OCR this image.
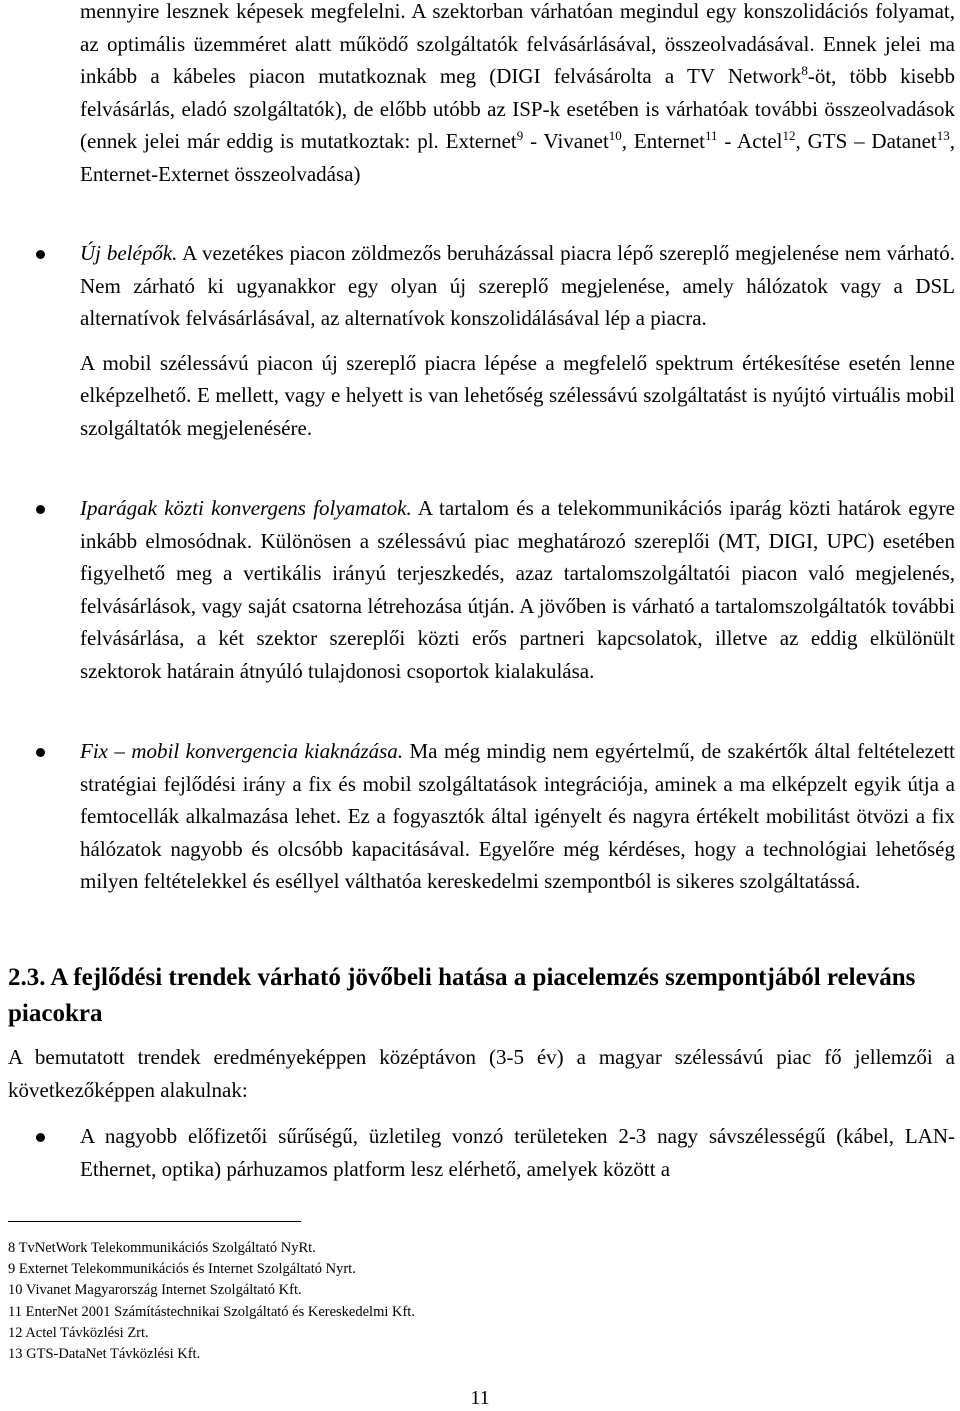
mennyire lesznek képesek megfelelni. A szektorban várhatóan megindul egy konszolidációs folyamat, az optimális üzemméret alatt működő szolgáltatók felvásárlásával, összeolvadásával. Ennek jelei ma inkább a kábeles piacon mutatkoznak meg (DIGI felvásárolta a TV Network$^8$-öt, több kisebb felvásárlás, eladó szolgáltatók), de előbb utóbb az ISP-k esetében is várhatóak további összeolvadások (ennek jelei már eddig is mutatkoztak: pl. Externet$^9$ - Vivanet$^{10}$, Enternet$^{11}$ - Actel$^{12}$, GTS – Datanet$^{13}$, Enternet-Externet összeolvadása)

Új belépők. A vezetékes piacon zöldmezős beruházással piacra lépő szereplő megjelenése nem várható. Nem zárható ki ugyanakkor egy olyan új szereplő megjelenése, amely hálózatok vagy a DSL alternatívok felvásárlásával, az alternatívok konszolidálásával lép a piacra.

A mobil szélessávú piacon új szereplő piacra lépése a megfelelő spektrum értékesítése esetén lenne elképzelhető. E mellett, vagy e helyett is van lehetőség szélessávú szolgáltatást is nyújtó virtuális mobil szolgáltatók megjelenésére.

Iparágak közti konvergens folyamatok. A tartalom és a telekommunikációs iparág közti határok egyre inkább elmosódnak. Különösen a szélessávú piac meghatározó szereplői (MT, DIGI, UPC) esetében figyelhető meg a vertikális irányú terjeszkedés, azaz tartalomszolgáltatói piacon való megjelenés, felvásárlások, vagy saját csatorna létrehozása útján. A jövőben is várható a tartalomszolgáltatók további felvásárlása, a két szektor szereplői közti erős partneri kapcsolatok, illetve az eddig elkülönült szektorok határain átnyúló tulajdonosi csoportok kialakulása.

Fix – mobil konvergencia kiaknázása. Ma még mindig nem egyértelmű, de szakértők által feltételezett stratégiai fejlődési irány a fix és mobil szolgáltatások integrációja, aminek a ma elképzelt egyik útja a femtocellák alkalmazása lehet. Ez a fogyasztók által igényelt és nagyra értékelt mobilitást ötvözi a fix hálózatok nagyobb és olcsóbb kapacitásával. Egyelőre még kérdéses, hogy a technológiai lehetőség milyen feltételekkel és eséllyel válthatóa kereskedelmi szempontból is sikeres szolgáltatássá.

2.3. A fejlődési trendek várható jövőbeli hatása a piacelemzés szempontjából releváns piacokra

A bemutatott trendek eredményeképpen középtávon (3-5 év) a magyar szélessávú piac fő jellemzői a következőképpen alakulnak:

A nagyobb előfizetői sűrűségű, üzletileg vonzó területeken 2-3 nagy sávszélességű (kábel, LAN-Ethernet, optika) párhuzamos platform lesz elérhető, amelyek között a

8 TvNetWork Telekommunikációs Szolgáltató NyRt.

9 Externet Telekommunikációs és Internet Szolgáltató Nyrt.

10 Vivanet Magyarország Internet Szolgáltató Kft.

11 EnterNet 2001 Számítástechnikai Szolgáltató és Kereskedelmi Kft.

12 Actel Távközlési Zrt.

13 GTS-DataNet Távközlési Kft.

11
